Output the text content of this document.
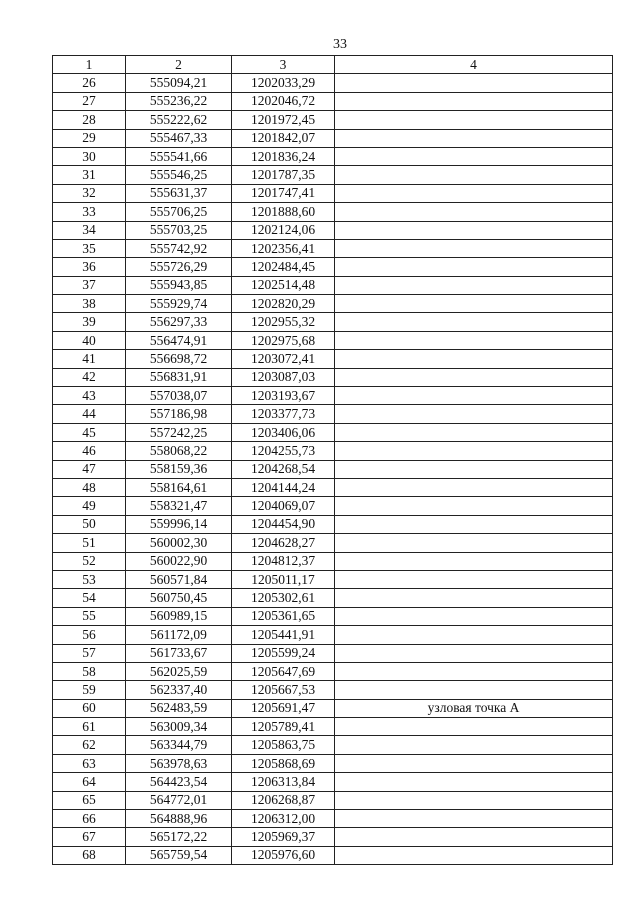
33
1	2	3	4
26	555094,21	1202033,29	
27	555236,22	1202046,72	
28	555222,62	1201972,45	
29	555467,33	1201842,07	
30	555541,66	1201836,24	
31	555546,25	1201787,35	
32	555631,37	1201747,41	
33	555706,25	1201888,60	
34	555703,25	1202124,06	
35	555742,92	1202356,41	
36	555726,29	1202484,45	
37	555943,85	1202514,48	
38	555929,74	1202820,29	
39	556297,33	1202955,32	
40	556474,91	1202975,68	
41	556698,72	1203072,41	
42	556831,91	1203087,03	
43	557038,07	1203193,67	
44	557186,98	1203377,73	
45	557242,25	1203406,06	
46	558068,22	1204255,73	
47	558159,36	1204268,54	
48	558164,61	1204144,24	
49	558321,47	1204069,07	
50	559996,14	1204454,90	
51	560002,30	1204628,27	
52	560022,90	1204812,37	
53	560571,84	1205011,17	
54	560750,45	1205302,61	
55	560989,15	1205361,65	
56	561172,09	1205441,91	
57	561733,67	1205599,24	
58	562025,59	1205647,69	
59	562337,40	1205667,53	
60	562483,59	1205691,47	узловая точка А
61	563009,34	1205789,41	
62	563344,79	1205863,75	
63	563978,63	1205868,69	
64	564423,54	1206313,84	
65	564772,01	1206268,87	
66	564888,96	1206312,00	
67	565172,22	1205969,37	
68	565759,54	1205976,60	
